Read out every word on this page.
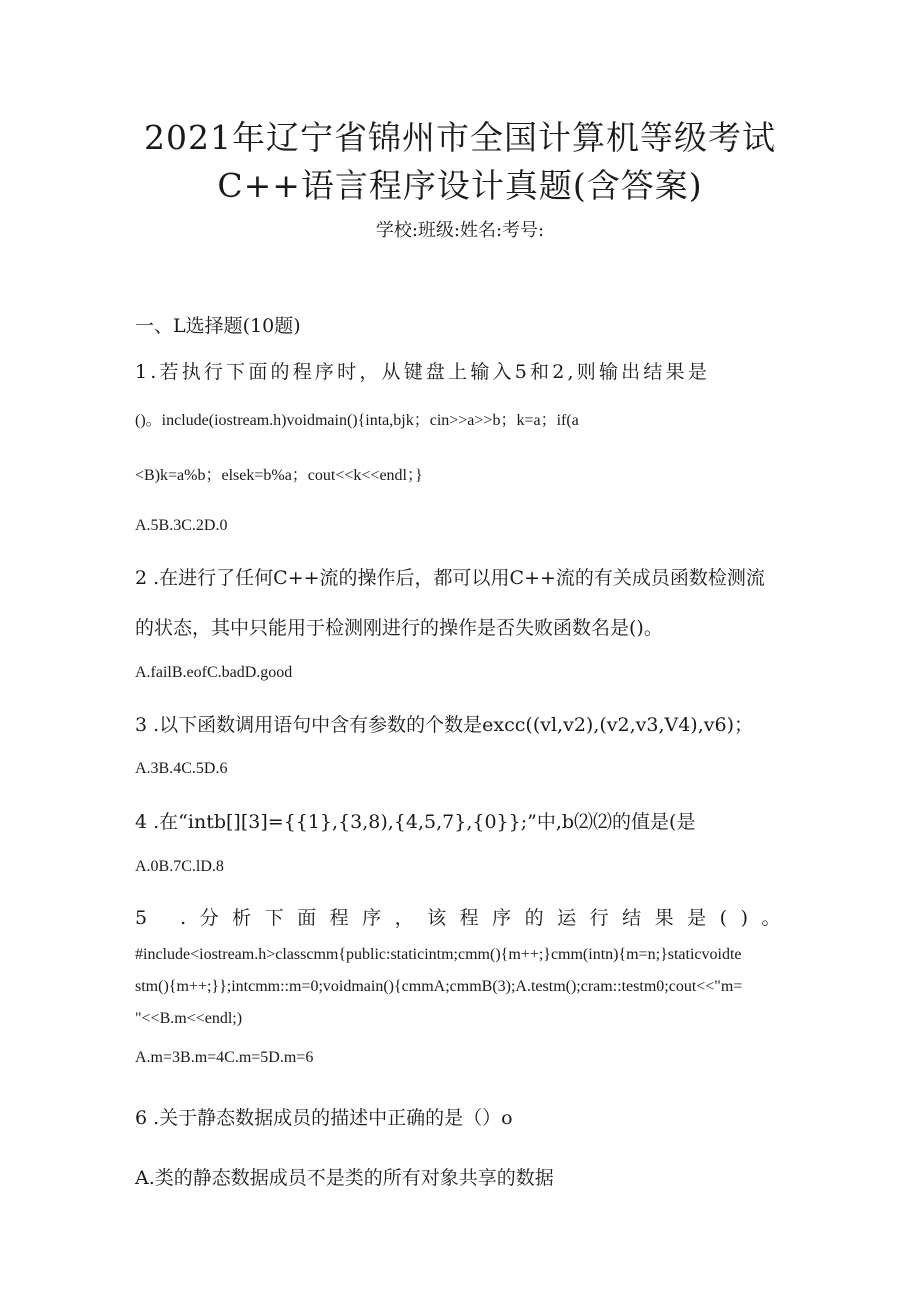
2021年辽宁省锦州市全国计算机等级考试
C++语言程序设计真题(含答案)
学校:班级:姓名:考号:
一、L选择题(10题)
1.若执行下面的程序时，从键盘上输入5和2,则输出结果是
()。include(iostream.h)voidmain(){inta,bjk；cin>>a>>b；k=a；if(a
<B)k=a%b；elsek=b%a；cout<<k<<endl；}
A.5B.3C.2D.0
2 .在进行了任何C++流的操作后，都可以用C++流的有关成员函数检测流
的状态，其中只能用于检测刚进行的操作是否失败函数名是()。
A.failB.eofC.badD.good
3 .以下函数调用语句中含有参数的个数是excc((vl,v2),(v2,v3,V4),v6)；
A.3B.4C.5D.6
4 .在“intb[][3]={{1},{3,8),{4,5,7},{0}};”中,b⑵⑵的值是(是
A.0B.7C.lD.8
5 .分析下面程序，该程序的运行结果是()。
#include<iostream.h>classcmm{public:staticintm;cmm(){m++;}cmm(intn){m=n;}staticvoidte
stm(){m++;}};intcmm::m=0;voidmain(){cmmA;cmmB(3);A.testm();cram::testm0;cout<<"m=
"<<B.m<<endl;)
A.m=3B.m=4C.m=5D.m=6
6 .关于静态数据成员的描述中正确的是（）o
A.类的静态数据成员不是类的所有对象共享的数据
